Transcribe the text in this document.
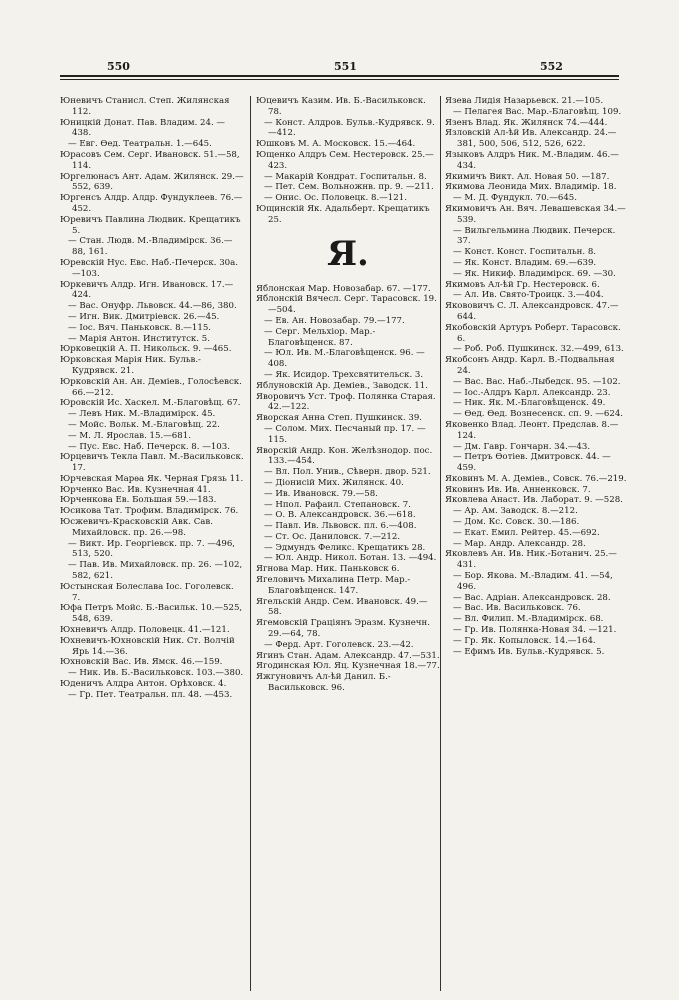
550	551	552

Юневичъ Станисл. Степ. Жилянская 112.

Юницкій Донат. Пав. Владим. 24. —438.

— Евг. Ѳед. Театральн. 1.—645.

Юрасовъ Сем. Серг. Ивановск. 51.—58, 114.

Юргелюнасъ Ант. Адам. Жилянск. 29.—552, 639.

Юргенсъ Алдр. Алдр. Фундуклеев. 76.—452.

Юревичъ Павлина Людвик. Крещатикъ 5.

— Стан. Людв. М.-Владимірск. 36.—88, 161.

Юревскій Нус. Евс. Наб.-Печерск. 30а.—103.

Юркевичъ Алдр. Игн. Ивановск. 17.—424.

— Вас. Онуфр. Львовск. 44.—86, 380.

— Игн. Вик. Дмитріевск. 26.—45.

— Іос. Вяч. Паньковск. 8.—115.

— Марія Антон. Институтск. 5.

Юрковецкій А. П. Никольск. 9. —465.

Юрковская Марія Ник. Бульв.-Кудрявск. 21.

Юрковскій Ан. Ан. Деміев., Голосѣевск. 66.—212.

Юровскій Ис. Хаскел. М.-Благовѣщ. 67.

— Левъ Ник. М.-Владимірск. 45.

— Мойс. Вольк. М.-Благовѣщ. 22.

— М. Л. Ярослав. 15.—681.

— Пус. Евс. Наб. Печерск. 8. —103.

Юрцевичъ Текла Павл. М.-Васильковск. 17.

Юрчевская Марѳа Як. Черная Грязь 11.

Юрченко Вас. Ив. Кузнечная 41.

Юрченкова Ев. Большая 59.—183.

Юсикова Тат. Трофим. Владимірск. 76.

Юсжевичъ-Красковскій Авк. Сав. Михайловск. пр. 26.—98.

— Викт. Ир. Георгіевск. пр. 7. —496, 513, 520.

— Пав. Ив. Михайловск. пр. 26. —102, 582, 621.

Юстынская Болеслава Іос. Гоголевск. 7.

Юфа Петръ Мойс. Б.-Васильк. 10.—525, 548, 639.

Юхневичъ Алдр. Половецк. 41.—121.

Юхневичъ-Юхновскій Ник. Ст. Волчій Ярь 14.—36.

Юхновскій Вас. Ив. Ямск. 46.—159.

— Ник. Ив. Б.-Васильковск. 103.—380.

Юденичъ Алдра Антон. Орѣховск. 4.

— Гр. Пет. Театральн. пл. 48. —453.

Юцевичъ Казим. Ив. Б.-Васильковск. 78.

— Конст. Алдров. Бульв.-Кудрявск. 9.—412.

Юшковъ М. А. Московск. 15.—464.

Ющенко Алдръ Сем. Нестеровск. 25.—423.

— Макарій Кондрат. Госпитальн. 8.

— Пет. Сем. Вольножнв. пр. 9. —211.

— Онис. Ос. Половецк. 8.—121.

Ющинскій Як. Адальберт. Крещатикъ 25.

Я.

Яблонская Мар. Новозабар. 67. —177.

Яблонскій Вячесл. Серг. Тарасовск. 19.—504.

— Ев. Ан. Новозабар. 79.—177.

— Серг. Мельхіор. Мар.-Благовѣщенск. 87.

— Юл. Ив. М.-Благовѣщенск. 96. —408.

— Як. Исидор. Трехсвятительск. 3.

Яблуновскій Ар. Деміев., Заводск. 11.

Яворовичъ Уст. Троф. Полянка Старая. 42.—122.

Яворская Анна Степ. Пушкинск. 39.

— Солом. Мих. Песчаный пр. 17. —115.

Яворскій Андр. Кон. Желѣзнодор. пос. 133.—454.

— Вл. Пол. Унив., Сѣверн. двор. 521.

— Діонисій Мих. Жилянск. 40.

— Ив. Ивановск. 79.—58.

— Нпол. Рафаил. Степановск. 7.

— О. В. Александровск. 36.—618.

— Павл. Ив. Львовск. пл. 6.—408.

— Ст. Ос. Даниловск. 7.—212.

— Эдмундъ Феликс. Крещатикъ 28.

— Юл. Андр. Никол. Ботан. 13. —494.

Ягнова Мар. Ник. Паньковск 6.

Ягеловичъ Михалина Петр. Мар.-Благовѣщенск. 147.

Ягельскій Андр. Сем. Ивановск. 49.—58.

Ягемовскій Граціянъ Эразм. Кузнечн. 29.—64, 78.

— Ферд. Арт. Гоголевск. 23.—42.

Ягинъ Стан. Адам. Александр. 47.—531.

Ягодинская Юл. Яц. Кузнечная 18.—77.

Яжгуновичъ Ал-ѣй Данил. Б.-Васильковск. 96.

Язева Лидія Назарьевск. 21.—105.

— Пелагея Вас. Мар.-Благовѣщ. 109.

Язенъ Влад. Як. Жилянск 74.—444.

Язловскій Ал-ѣй Ив. Александр. 24.—381, 500, 506, 512, 526, 622.

Языковъ Алдръ Ник. М.-Владим. 46.—434.

Якимичъ Викт. Ал. Новая 50. —187.

Якимова Леонида Мих. Владимір. 18.

— М. Д. Фундукл. 70.—645.

Якимовичъ Ан. Вяч. Левашевская 34.—539.

— Вильгельмина Людвик. Печерск. 37.

— Конст. Конст. Госпитальн. 8.

— Як. Конст. Владим. 69.—639.

— Як. Никиф. Владимірск. 69. —30.

Якимовъ Ал-ѣй Гр. Нестеровск. 6.

— Ал. Ив. Свято-Троицк. 3.—404.

Якововичъ С. Л. Александровск. 47.—644.

Якобовскій Артуръ Роберт. Тарасовск. 6.

— Роб. Роб. Пушкинск. 32.—499, 613.

Якобсонъ Андр. Карл. В.-Подвальная 24.

— Вас. Вас. Наб.-Лыбедск. 95. —102.

— Іос.-Алдръ Карл. Александр. 23.

— Ник. Як. М.-Благовѣщенск. 49.

— Ѳед. Ѳед. Вознесенск. сп. 9. —624.

Яковенко Влад. Леонт. Предслав. 8.—124.

— Дм. Гавр. Гончарн. 34.—43.

— Петръ Ѳотіев. Дмитровск. 44. —459.

Яковинъ М. А. Деміев., Совск. 76.—219.

Яковинъ Ив. Ив. Анненковск. 7.

Яковлева Анаст. Ив. Лаборат. 9. —528.

— Ар. Ам. Заводск. 8.—212.

— Дом. Кс. Совск. 30.—186.

— Екат. Емил. Рейтер. 45.—692.

— Мар. Андр. Александр. 28.

Яковлевъ Ан. Ив. Ник.-Ботанич. 25.—431.

— Бор. Якова. М.-Владим. 41. —54, 496.

— Вас. Адріан. Александровск. 28.

— Вас. Ив. Васильковск. 76.

— Вл. Филип. М.-Владимірск. 68.

— Гр. Ив. Полянка-Новая 34. —121.

— Гр. Як. Копыловск. 14.—164.

— Ефимъ Ив. Бульв.-Кудрявск. 5.
